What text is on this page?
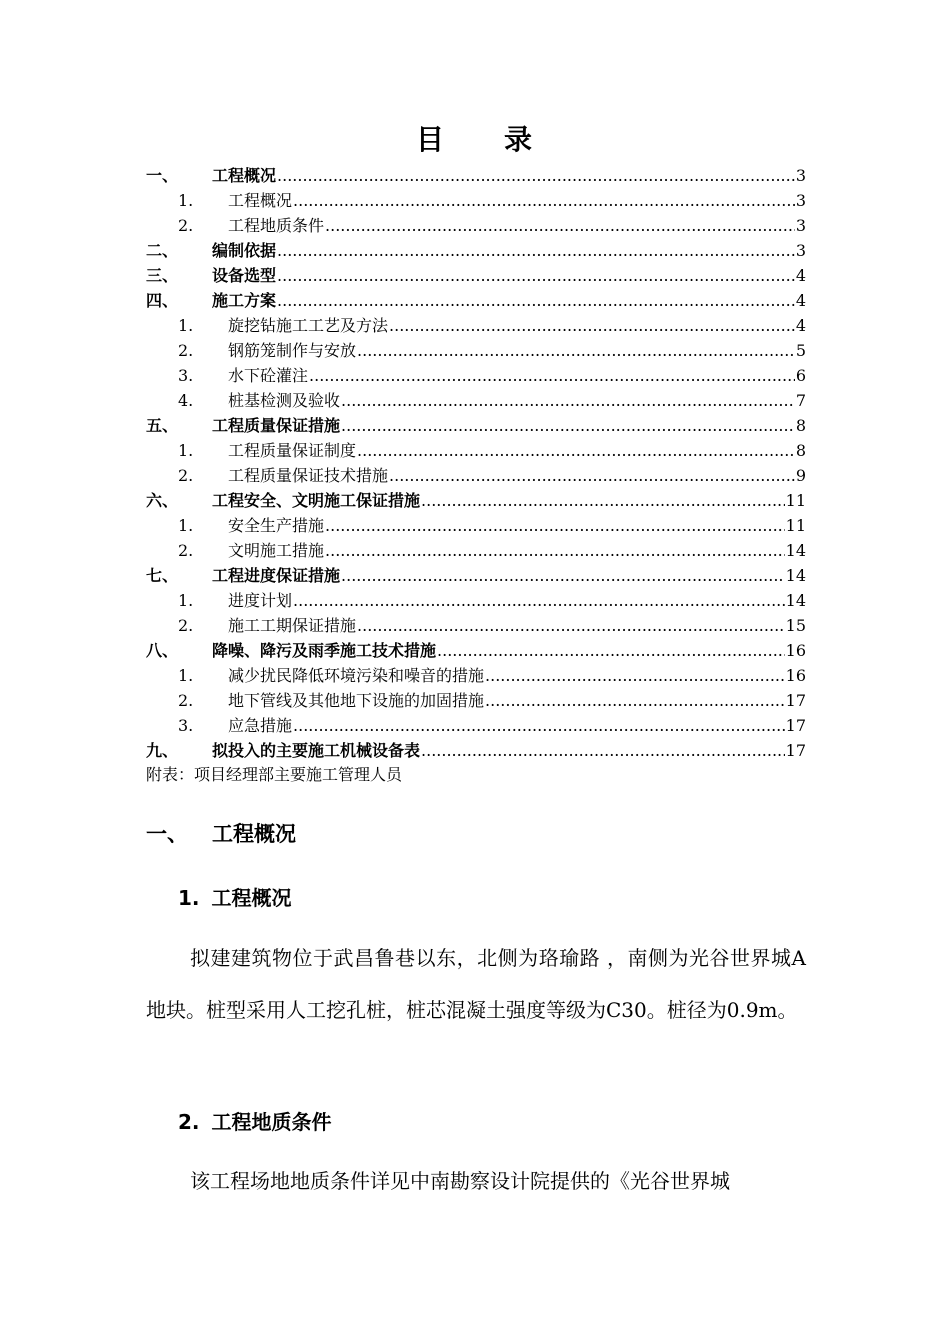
目 录
一、	工程概况 .....	3
1.	工程概况 .....	3
2.	工程地质条件 .....	3
二、	编制依据 .....	3
三、	设备选型 .....	4
四、	施工方案 .....	4
1.	旋挖钻施工工艺及方法 .....	4
2.	钢筋笼制作与安放 .....	5
3.	水下砼灌注 .....	6
4.	桩基检测及验收 .....	7
五、	工程质量保证措施 .....	8
1.	工程质量保证制度 .....	8
2.	工程质量保证技术措施 .....	9
六、	工程安全、文明施工保证措施 .....	11
1.	安全生产措施 .....	11
2.	文明施工措施 .....	14
七、	工程进度保证措施 .....	14
1.	进度计划 .....	14
2.	施工工期保证措施 .....	15
八、	降噪、降污及雨季施工技术措施 .....	16
1.	减少扰民降低环境污染和噪音的措施 .....	16
2.	地下管线及其他地下设施的加固措施 .....	17
3.	应急措施 .....	17
九、	拟投入的主要施工机械设备表 .....	17
附表：项目经理部主要施工管理人员
一、 工程概况
1. 工程概况
拟建建筑物位于武昌鲁巷以东，北侧为珞瑜路 ，南侧为光谷世界城A地块。桩型采用人工挖孔桩，桩芯混凝土强度等级为C30。桩径为0.9m。
2. 工程地质条件
该工程场地地质条件详见中南勘察设计院提供的《光谷世界城
